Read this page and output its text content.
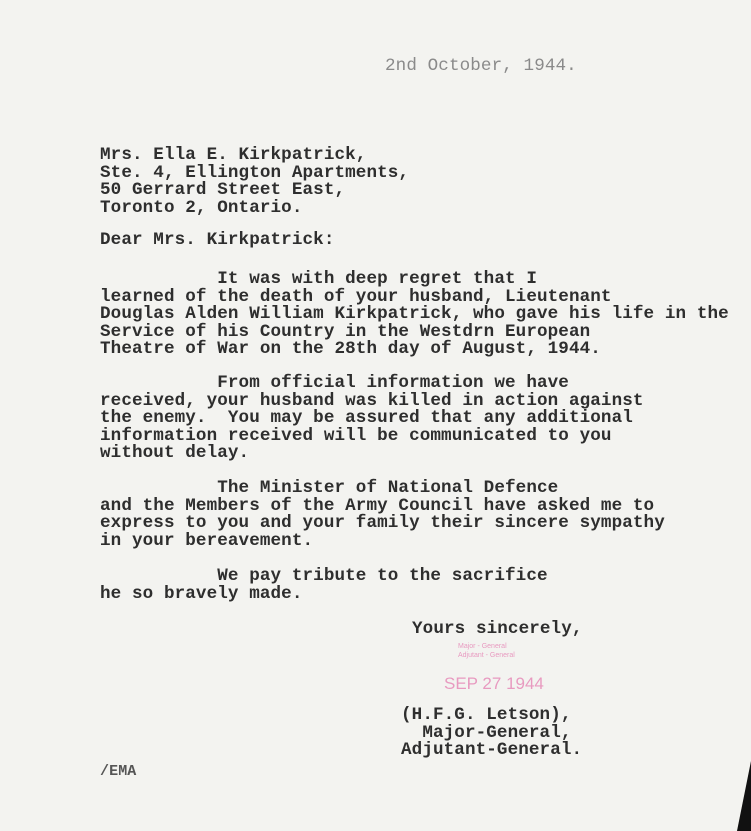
2nd October, 1944.
Mrs. Ella E. Kirkpatrick,
Ste. 4, Ellington Apartments,
50 Gerrard Street East,
Toronto 2, Ontario.
Dear Mrs. Kirkpatrick:
It was with deep regret that I
learned of the death of your husband, Lieutenant
Douglas Alden William Kirkpatrick, who gave his life in the
Service of his Country in the Westdrn European
Theatre of War on the 28th day of August, 1944.
From official information we have
received, your husband was killed in action against
the enemy.  You may be assured that any additional
information received will be communicated to you
without delay.
The Minister of National Defence
and the Members of the Army Council have asked me to
express to you and your family their sincere sympathy
in your bereavement.
We pay tribute to the sacrifice
he so bravely made.
Yours sincerely,
Major - General
Adjutant - General
SEP 27 1944
(H.F.G. Letson),
Major-General,
Adjutant-General.
/EMA
